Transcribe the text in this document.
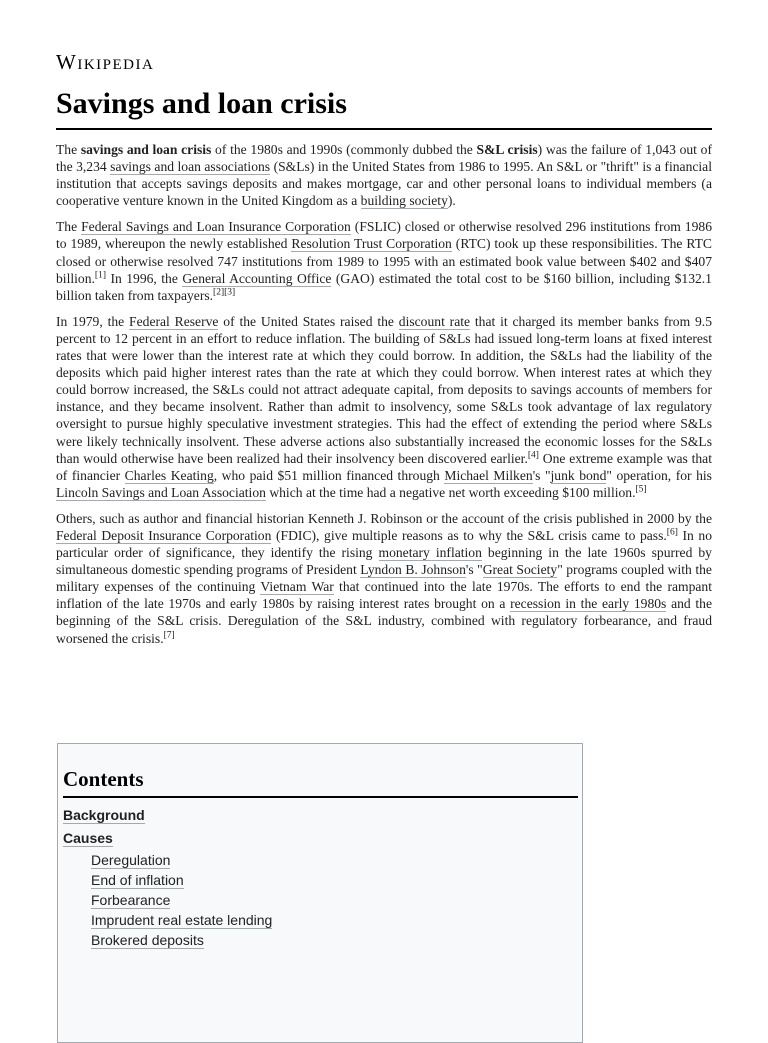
Wikipedia
Savings and loan crisis

The savings and loan crisis of the 1980s and 1990s (commonly dubbed the S&L crisis) was the failure of 1,043 out of the 3,234 savings and loan associations (S&Ls) in the United States from 1986 to 1995. An S&L or "thrift" is a financial institution that accepts savings deposits and makes mortgage, car and other personal loans to individual members (a cooperative venture known in the United Kingdom as a building society).

The Federal Savings and Loan Insurance Corporation (FSLIC) closed or otherwise resolved 296 institutions from 1986 to 1989, whereupon the newly established Resolution Trust Corporation (RTC) took up these responsibilities. The RTC closed or otherwise resolved 747 institutions from 1989 to 1995 with an estimated book value between $402 and $407 billion.[1] In 1996, the General Accounting Office (GAO) estimated the total cost to be $160 billion, including $132.1 billion taken from taxpayers.[2][3]

In 1979, the Federal Reserve of the United States raised the discount rate that it charged its member banks from 9.5 percent to 12 percent in an effort to reduce inflation. The building of S&Ls had issued long-term loans at fixed interest rates that were lower than the interest rate at which they could borrow. In addition, the S&Ls had the liability of the deposits which paid higher interest rates than the rate at which they could borrow. When interest rates at which they could borrow increased, the S&Ls could not attract adequate capital, from deposits to savings accounts of members for instance, and they became insolvent. Rather than admit to insolvency, some S&Ls took advantage of lax regulatory oversight to pursue highly speculative investment strategies. This had the effect of extending the period where S&Ls were likely technically insolvent. These adverse actions also substantially increased the economic losses for the S&Ls than would otherwise have been realized had their insolvency been discovered earlier.[4] One extreme example was that of financier Charles Keating, who paid $51 million financed through Michael Milken's "junk bond" operation, for his Lincoln Savings and Loan Association which at the time had a negative net worth exceeding $100 million.[5]

Others, such as author and financial historian Kenneth J. Robinson or the account of the crisis published in 2000 by the Federal Deposit Insurance Corporation (FDIC), give multiple reasons as to why the S&L crisis came to pass.[6] In no particular order of significance, they identify the rising monetary inflation beginning in the late 1960s spurred by simultaneous domestic spending programs of President Lyndon B. Johnson's "Great Society" programs coupled with the military expenses of the continuing Vietnam War that continued into the late 1970s. The efforts to end the rampant inflation of the late 1970s and early 1980s by raising interest rates brought on a recession in the early 1980s and the beginning of the S&L crisis. Deregulation of the S&L industry, combined with regulatory forbearance, and fraud worsened the crisis.[7]

Contents
Background
Causes
Deregulation
End of inflation
Forbearance
Imprudent real estate lending
Brokered deposits
